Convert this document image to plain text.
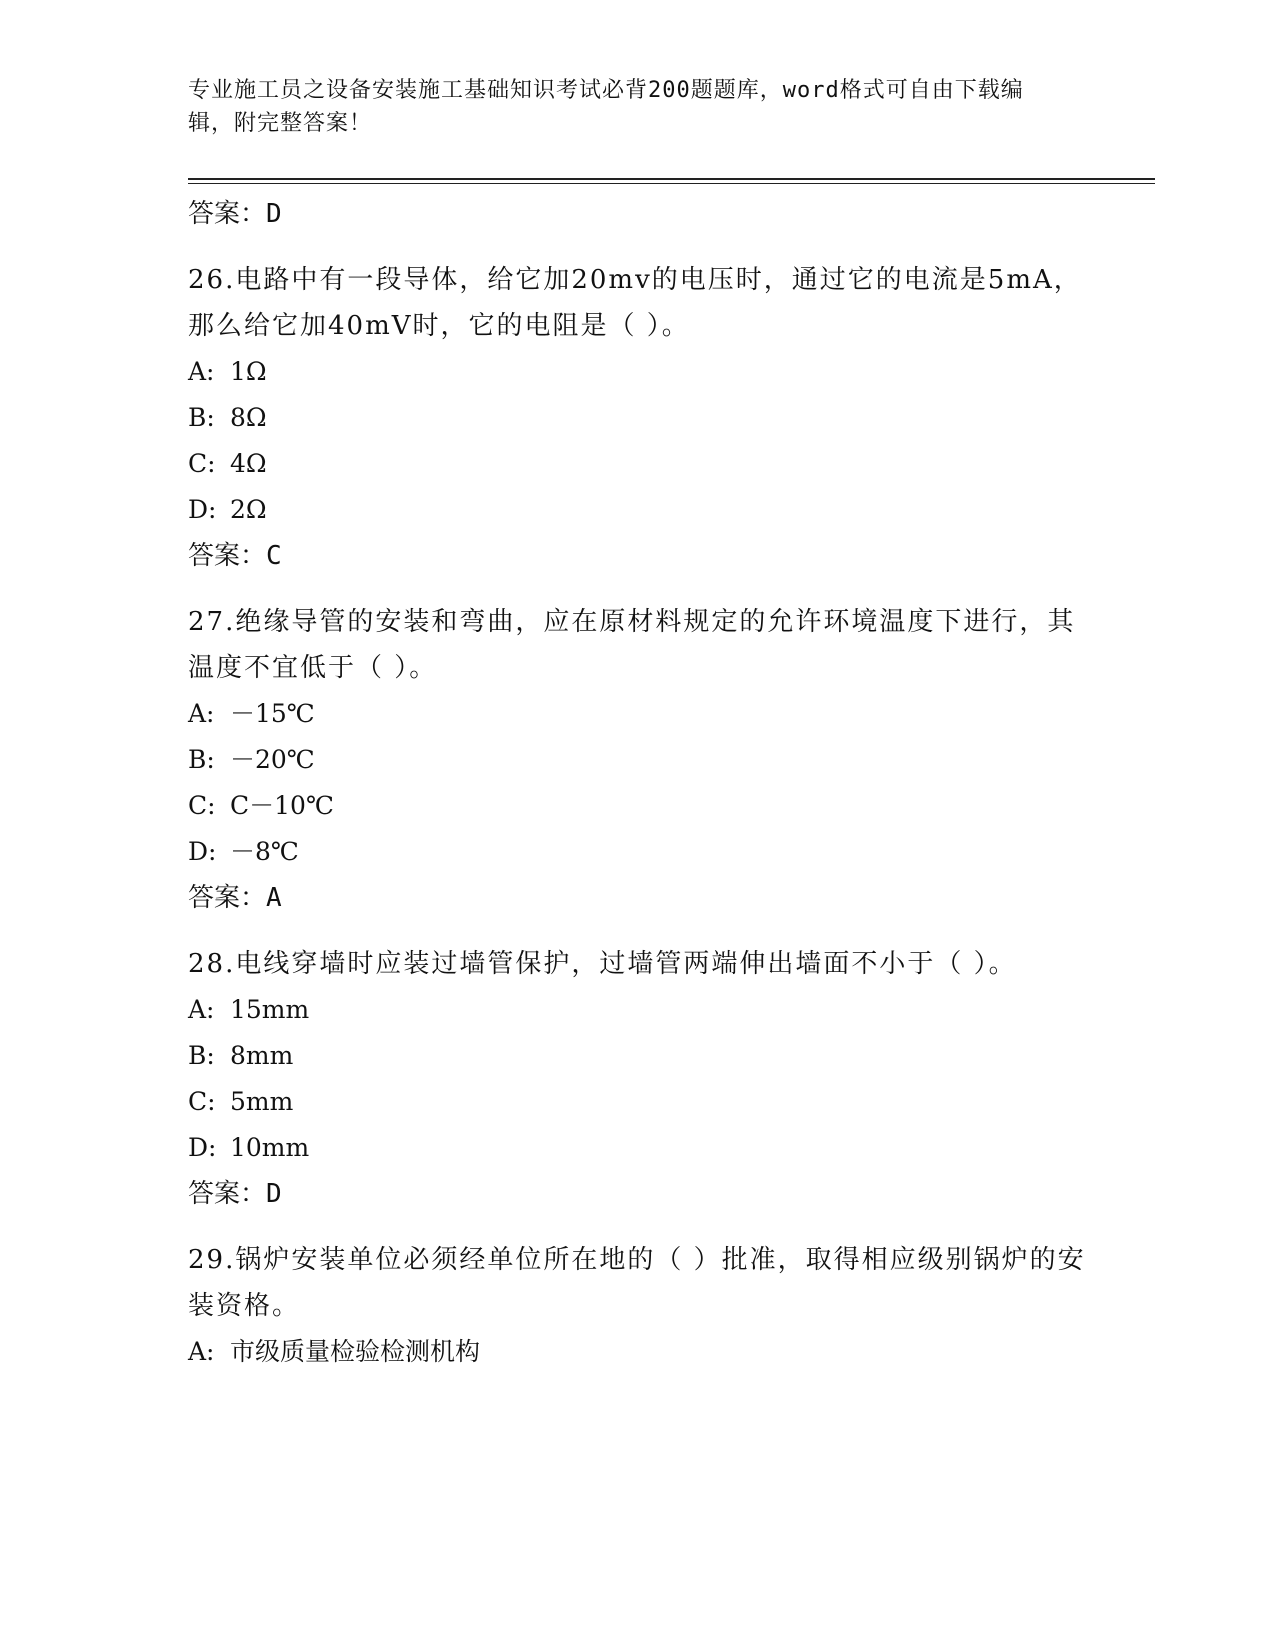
专业施工员之设备安装施工基础知识考试必背200题题库，word格式可自由下载编辑，附完整答案！

答案：D

26.电路中有一段导体，给它加20mv的电压时，通过它的电流是5mA，那么给它加40mV时，它的电阻是（ ）。

A: 1Ω

B: 8Ω

C: 4Ω

D: 2Ω

答案：C

27.绝缘导管的安装和弯曲，应在原材料规定的允许环境温度下进行，其温度不宜低于（ ）。

A: －15℃

B: －20℃

C: C－10℃

D: －8℃

答案：A

28.电线穿墙时应装过墙管保护，过墙管两端伸出墙面不小于（ ）。

A: 15mm

B: 8mm

C: 5mm

D: 10mm

答案：D

29.锅炉安装单位必须经单位所在地的（ ）批准，取得相应级别锅炉的安装资格。

A: 市级质量检验检测机构
